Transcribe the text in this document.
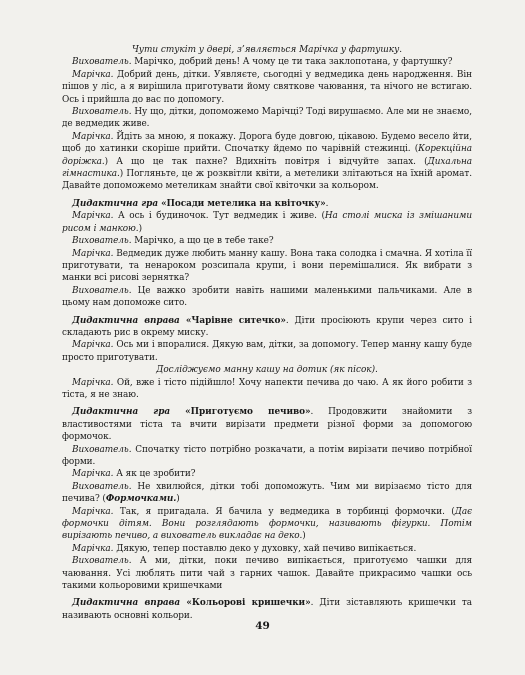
Чути стукіт у двері, з’являється Марічка у фартушку.

Вихователь. Марічко, добрий день! А чому це ти така заклопотана, у фартушку?

Марічка. Добрий день, дітки. Уявляєте, сьогодні у ведмедика день народження. Він пішов у ліс, а я вирішила приготувати йому святкове чаювання, та нічого не встигаю. Ось і прийшла до вас по допомогу.

Вихователь. Ну що, дітки, допоможемо Марічці? Тоді вирушаємо. Але ми не знаємо, де ведмедик живе.

Марічка. Йдіть за мною, я покажу. Дорога буде довгою, цікавою. Будемо весело йти, щоб до хатинки скоріше прийти. Спочатку йдемо по чарівній стежинці. (Корекційна доріжка.) А що це так пахне? Вдихніть повітря і відчуйте запах. (Дихальна гімнастика.) Погляньте, це ж розквітли квіти, а метелики злітаються на їхній аромат. Давайте допоможемо метеликам знайти свої квіточки за кольором.

Дидактична гра «Посади метелика на квіточку».

Марічка. А ось і будиночок. Тут ведмедик і живе. (На столі миска із змішаними рисом і манкою.)

Вихователь. Марічко, а що це в тебе таке?

Марічка. Ведмедик дуже любить манну кашу. Вона така солодка і смачна. Я хотіла її приготувати, та ненароком розсипала крупи, і вони перемішалися. Як вибрати з манки всі рисові зернятка?

Вихователь. Це важко зробити навіть нашими маленькими пальчиками. Але в цьому нам допоможе сито.

Дидактична вправа «Чарівне ситечко». Діти просіюють крупи через сито і складають рис в окрему миску.

Марічка. Ось ми і впоралися. Дякую вам, дітки, за допомогу. Тепер манну кашу буде просто приготувати.

Досліджуємо манну кашу на дотик (як пісок).

Марічка. Ой, вже і тісто підійшло! Хочу напекти печива до чаю. А як його робити з тіста, я не знаю.

Дидактична гра «Приготуємо печиво». Продовжити знайомити з властивостями тіста та вчити вирізати предмети різної форми за допомогою формочок.

Вихователь. Спочатку тісто потрібно розкачати, а потім вирізати печиво потрібної форми.

Марічка. А як це зробити?

Вихователь. Не хвилюйся, дітки тобі допоможуть. Чим ми вирізаємо тісто для печива? (Формочками.)

Марічка. Так, я пригадала. Я бачила у ведмедика в торбинці формочки. (Дає формочки дітям. Вони розглядають формочки, називають фігурки. Потім вирізають печиво, а вихователь викладає на деко.)

Марічка. Дякую, тепер поставлю деко у духовку, хай печиво випікається.

Вихователь. А ми, дітки, поки печиво випікається, приготуємо чашки для чаювання. Усі люблять пити чай з гарних чашок. Давайте прикрасимо чашки ось такими кольоровими кришечками

Дидактична вправа «Кольорові кришечки». Діти зіставляють кришечки та називають основні кольори.

49
